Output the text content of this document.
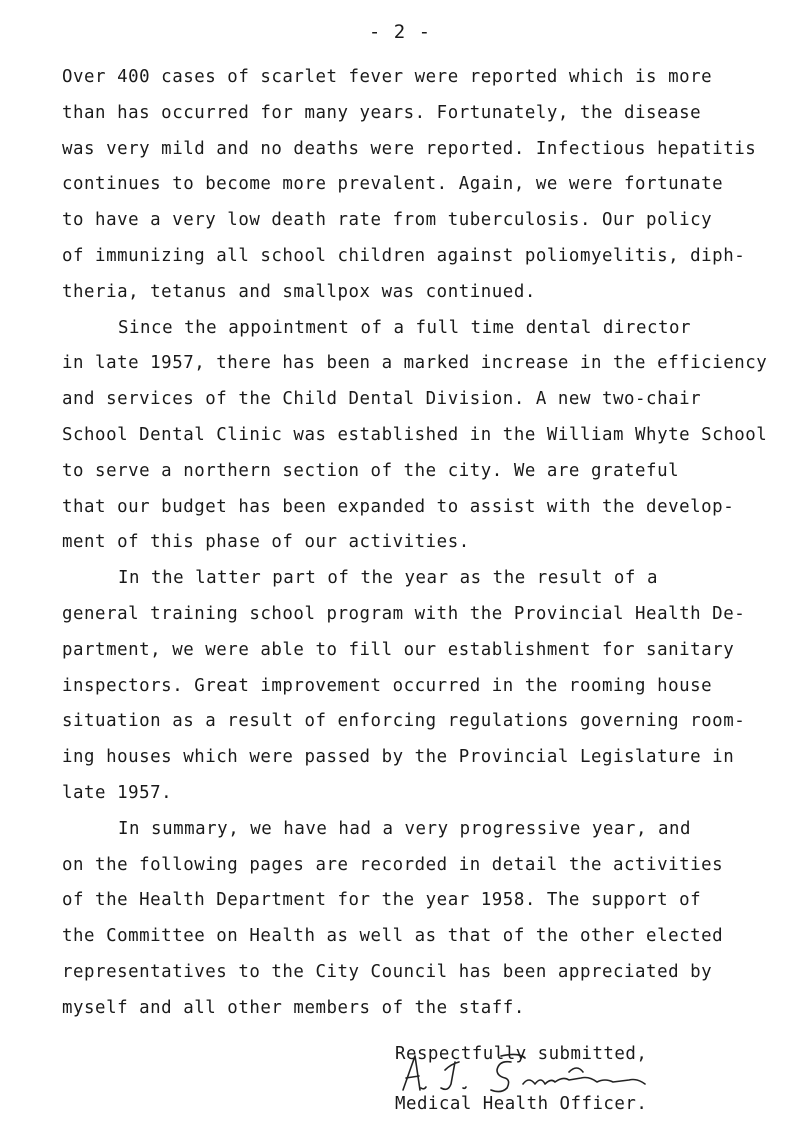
- 2 -
Over 400 cases of scarlet fever were reported which is more
than has occurred for many years. Fortunately, the disease
was very mild and no deaths were reported. Infectious hepatitis
continues to become more prevalent. Again, we were fortunate
to have a very low death rate from tuberculosis. Our policy
of immunizing all school children against poliomyelitis, diph-
theria, tetanus and smallpox was continued.
Since the appointment of a full time dental director
in late 1957, there has been a marked increase in the efficiency
and services of the Child Dental Division. A new two-chair
School Dental Clinic was established in the William Whyte School
to serve a northern section of the city. We are grateful
that our budget has been expanded to assist with the develop-
ment of this phase of our activities.
In the latter part of the year as the result of a
general training school program with the Provincial Health De-
partment, we were able to fill our establishment for sanitary
inspectors. Great improvement occurred in the rooming house
situation as a result of enforcing regulations governing room-
ing houses which were passed by the Provincial Legislature in
late 1957.
In summary, we have had a very progressive year, and
on the following pages are recorded in detail the activities
of the Health Department for the year 1958. The support of
the Committee on Health as well as that of the other elected
representatives to the City Council has been appreciated by
myself and all other members of the staff.
Respectfully submitted,
Medical Health Officer.
